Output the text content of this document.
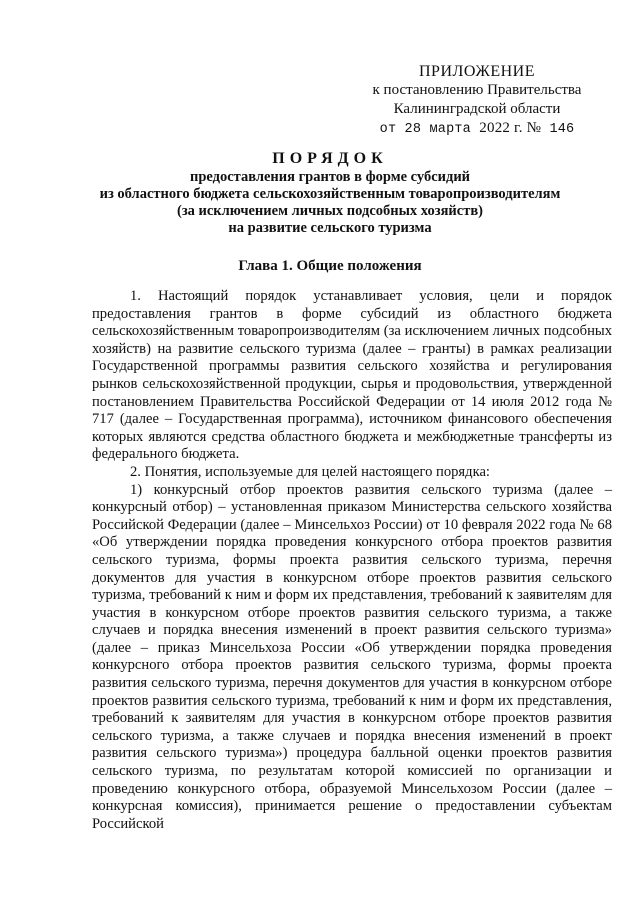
ПРИЛОЖЕНИЕ
к постановлению Правительства
Калининградской области
от 28 марта 2022 г. № 146
ПОРЯДОК
предоставления грантов в форме субсидий
из областного бюджета сельскохозяйственным товаропроизводителям
(за исключением личных подсобных хозяйств)
на развитие сельского туризма
Глава 1. Общие положения

1. Настоящий порядок устанавливает условия, цели и порядок предоставления грантов в форме субсидий из областного бюджета сельскохозяйственным товаропроизводителям (за исключением личных подсобных хозяйств) на развитие сельского туризма (далее – гранты) в рамках реализации Государственной программы развития сельского хозяйства и регулирования рынков сельскохозяйственной продукции, сырья и продовольствия, утвержденной постановлением Правительства Российской Федерации от 14 июля 2012 года № 717 (далее – Государственная программа), источником финансового обеспечения которых являются средства областного бюджета и межбюджетные трансферты из федерального бюджета.

2. Понятия, используемые для целей настоящего порядка:

1) конкурсный отбор проектов развития сельского туризма (далее – конкурсный отбор) – установленная приказом Министерства сельского хозяйства Российской Федерации (далее – Минсельхоз России) от 10 февраля 2022 года № 68 «Об утверждении порядка проведения конкурсного отбора проектов развития сельского туризма, формы проекта развития сельского туризма, перечня документов для участия в конкурсном отборе проектов развития сельского туризма, требований к ним и форм их представления, требований к заявителям для участия в конкурсном отборе проектов развития сельского туризма, а также случаев и порядка внесения изменений в проект развития сельского туризма» (далее – приказ Минсельхоза России «Об утверждении порядка проведения конкурсного отбора проектов развития сельского туризма, формы проекта развития сельского туризма, перечня документов для участия в конкурсном отборе проектов развития сельского туризма, требований к ним и форм их представления, требований к заявителям для участия в конкурсном отборе проектов развития сельского туризма, а также случаев и порядка внесения изменений в проект развития сельского туризма») процедура балльной оценки проектов развития сельского туризма, по результатам которой комиссией по организации и проведению конкурсного отбора, образуемой Минсельхозом России (далее – конкурсная комиссия), принимается решение о предоставлении субъектам Российской
